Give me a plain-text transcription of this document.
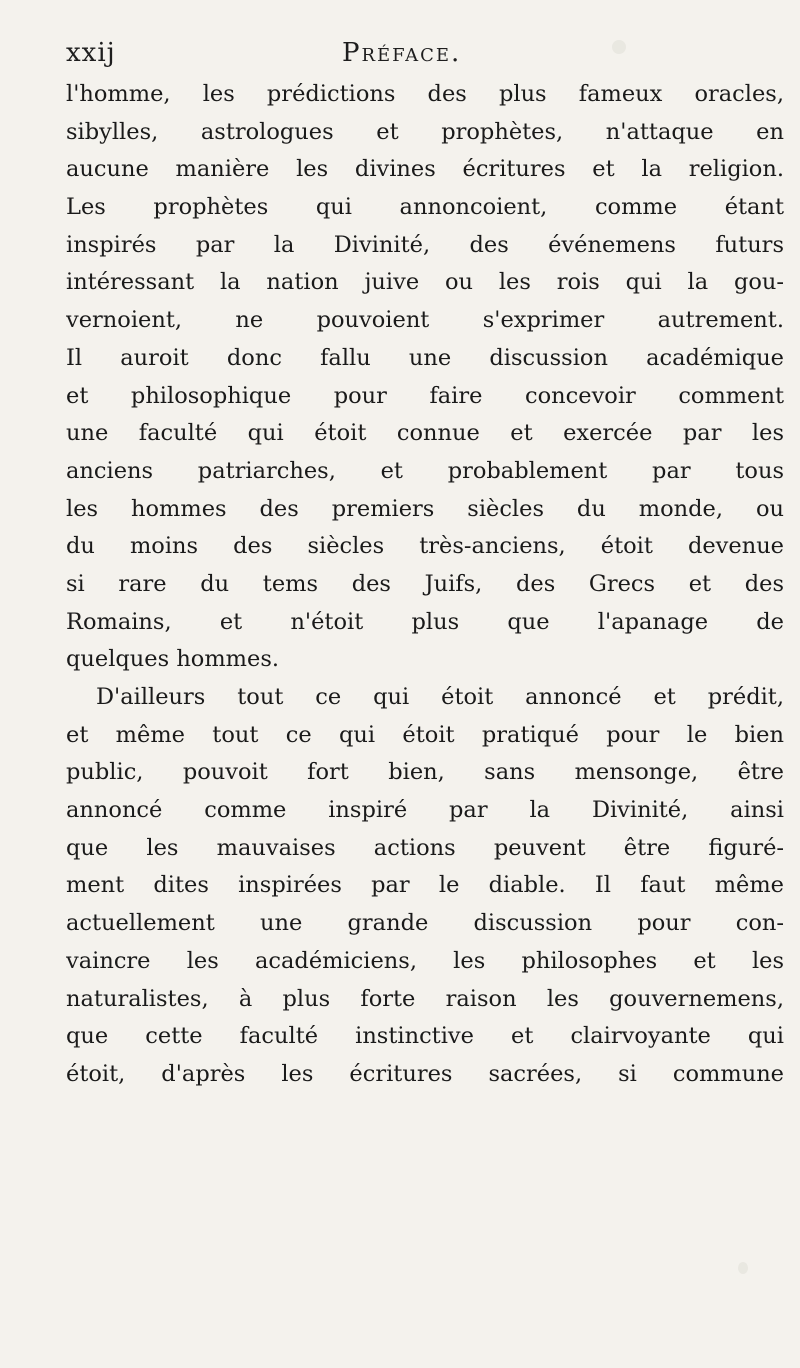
xxij	Préface.
l'homme, les prédictions des plus fameux oracles,
sibylles, astrologues et prophètes, n'attaque en
aucune manière les divines écritures et la religion.
Les prophètes qui annoncoient, comme étant
inspirés par la Divinité, des événemens futurs
intéressant la nation juive ou les rois qui la gou-
vernoient, ne pouvoient s'exprimer autrement.
Il auroit donc fallu une discussion académique
et philosophique pour faire concevoir comment
une faculté qui étoit connue et exercée par les
anciens patriarches, et probablement par tous
les hommes des premiers siècles du monde, ou
du moins des siècles très-anciens, étoit devenue
si rare du tems des Juifs, des Grecs et des
Romains, et n'étoit plus que l'apanage de
quelques hommes.
D'ailleurs tout ce qui étoit annoncé et prédit,
et même tout ce qui étoit pratiqué pour le bien
public, pouvoit fort bien, sans mensonge, être
annoncé comme inspiré par la Divinité, ainsi
que les mauvaises actions peuvent être figuré-
ment dites inspirées par le diable. Il faut même
actuellement une grande discussion pour con-
vaincre les académiciens, les philosophes et les
naturalistes, à plus forte raison les gouvernemens,
que cette faculté instinctive et clairvoyante qui
étoit, d'après les écritures sacrées, si commune
